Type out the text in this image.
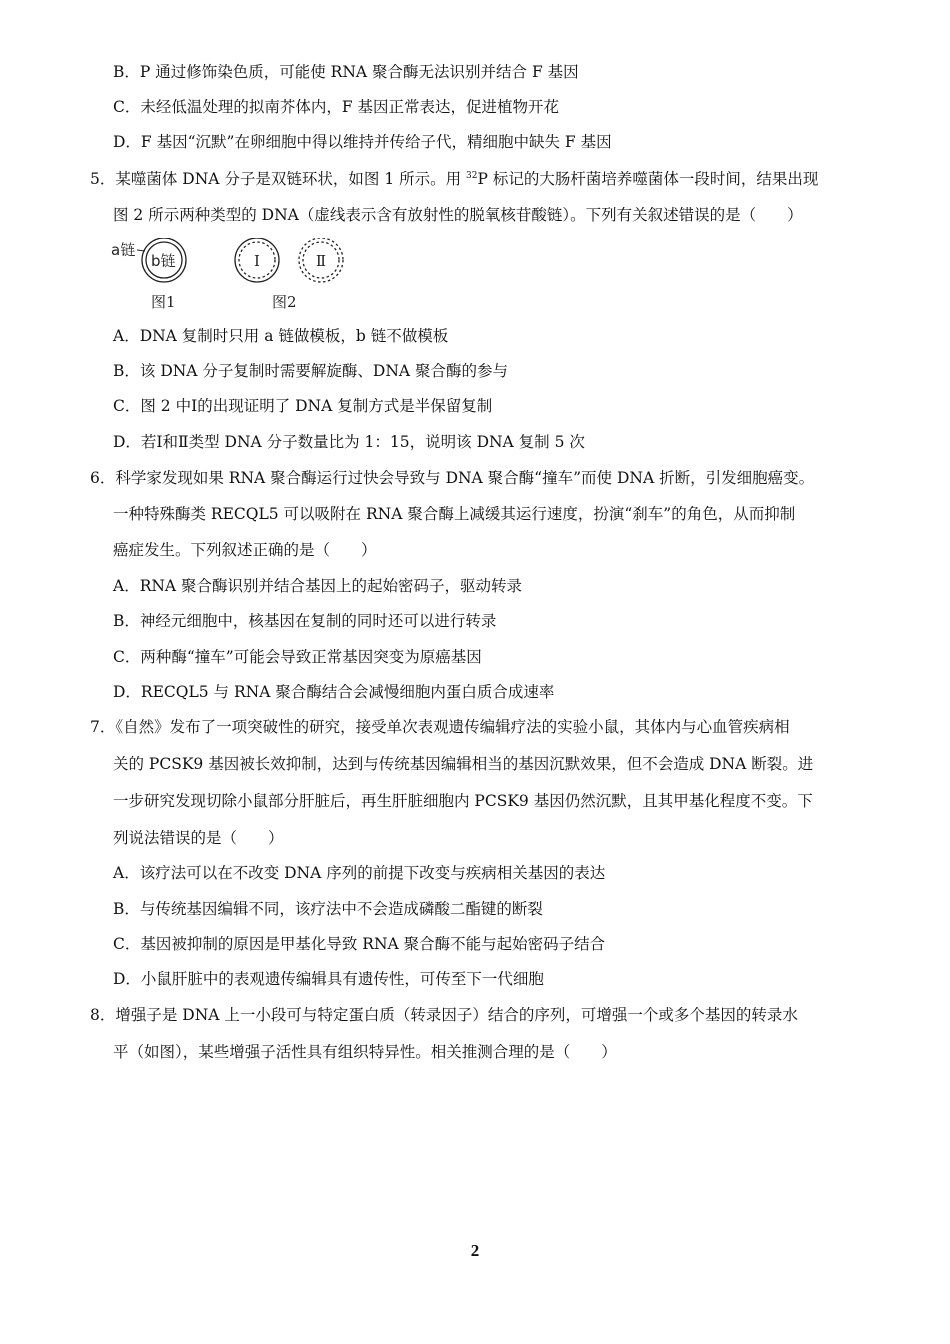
B．P 通过修饰染色质，可能使 RNA 聚合酶无法识别并结合 F 基因
C．未经低温处理的拟南芥体内，F 基因正常表达，促进植物开花
D．F 基因“沉默”在卵细胞中得以维持并传给子代，精细胞中缺失 F 基因
5．某噬菌体 DNA 分子是双链环状，如图 1 所示。用 $^{32}$P 标记的大肠杆菌培养噬菌体一段时间，结果出现
图 2 所示两种类型的 DNA（虚线表示含有放射性的脱氧核苷酸链）。下列有关叙述错误的是（　　）
a链
b链	Ⅰ	Ⅱ
图1	图2
A．DNA 复制时只用 a 链做模板，b 链不做模板
B．该 DNA 分子复制时需要解旋酶、DNA 聚合酶的参与
C．图 2 中Ⅰ的出现证明了 DNA 复制方式是半保留复制
D．若Ⅰ和Ⅱ类型 DNA 分子数量比为 1：15，说明该 DNA 复制 5 次
6．科学家发现如果 RNA 聚合酶运行过快会导致与 DNA 聚合酶“撞车”而使 DNA 折断，引发细胞癌变。
一种特殊酶类 RECQL5 可以吸附在 RNA 聚合酶上减缓其运行速度，扮演“刹车”的角色，从而抑制
癌症发生。下列叙述正确的是（　　）
A．RNA 聚合酶识别并结合基因上的起始密码子，驱动转录
B．神经元细胞中，核基因在复制的同时还可以进行转录
C．两种酶“撞车”可能会导致正常基因突变为原癌基因
D．RECQL5 与 RNA 聚合酶结合会减慢细胞内蛋白质合成速率
7．《自然》发布了一项突破性的研究，接受单次表观遗传编辑疗法的实验小鼠，其体内与心血管疾病相
关的 PCSK9 基因被长效抑制，达到与传统基因编辑相当的基因沉默效果，但不会造成 DNA 断裂。进
一步研究发现切除小鼠部分肝脏后，再生肝脏细胞内 PCSK9 基因仍然沉默，且其甲基化程度不变。下
列说法错误的是（　　）
A．该疗法可以在不改变 DNA 序列的前提下改变与疾病相关基因的表达
B．与传统基因编辑不同，该疗法中不会造成磷酸二酯键的断裂
C．基因被抑制的原因是甲基化导致 RNA 聚合酶不能与起始密码子结合
D．小鼠肝脏中的表观遗传编辑具有遗传性，可传至下一代细胞
8．增强子是 DNA 上一小段可与特定蛋白质（转录因子）结合的序列，可增强一个或多个基因的转录水
平（如图），某些增强子活性具有组织特异性。相关推测合理的是（　　）
2
